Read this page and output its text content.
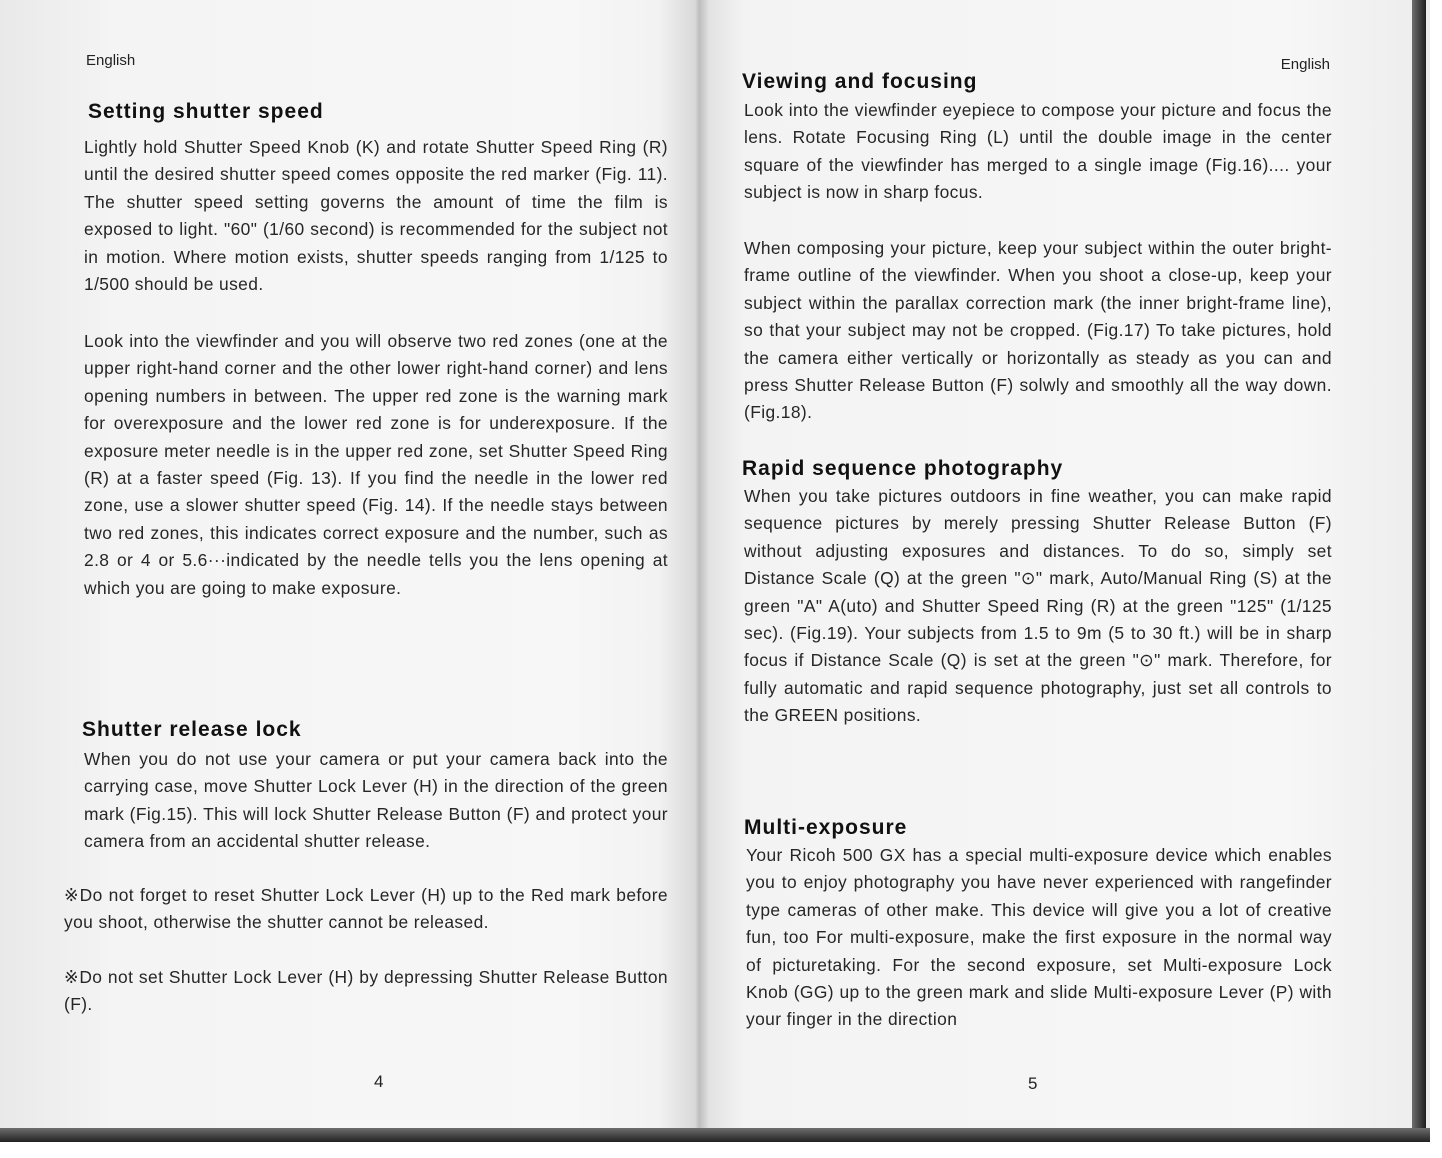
English
Setting shutter speed
Lightly hold Shutter Speed Knob (K) and rotate Shutter Speed Ring (R) until the desired shutter speed comes opposite the red marker (Fig. 11). The shutter speed setting governs the amount of time the film is exposed to light. "60" (1/60 second) is recommended for the subject not in motion. Where motion exists, shutter speeds ranging from 1/125 to 1/500 should be used.
Look into the viewfinder and you will observe two red zones (one at the upper right-hand corner and the other lower right-hand corner) and lens opening numbers in between. The upper red zone is the warning mark for overexposure and the lower red zone is for underexposure. If the exposure meter needle is in the upper red zone, set Shutter Speed Ring (R) at a faster speed (Fig. 13). If you find the needle in the lower red zone, use a slower shutter speed (Fig. 14). If the needle stays between two red zones, this indicates correct exposure and the number, such as 2.8 or 4 or 5.6···indicated by the needle tells you the lens opening at which you are going to make exposure.
Shutter release lock
When you do not use your camera or put your camera back into the carrying case, move Shutter Lock Lever (H) in the direction of the green mark (Fig.15). This will lock Shutter Release Button (F) and protect your camera from an accidental shutter release.
※Do not forget to reset Shutter Lock Lever (H) up to the Red mark before you shoot, otherwise the shutter cannot be released.
※Do not set Shutter Lock Lever (H) by depressing Shutter Release Button (F).
4
English
Viewing and focusing
Look into the viewfinder eyepiece to compose your picture and focus the lens. Rotate Focusing Ring (L) until the double image in the center square of the viewfinder has merged to a single image (Fig.16).... your subject is now in sharp focus.
When composing your picture, keep your subject within the outer bright-frame outline of the viewfinder. When you shoot a close-up, keep your subject within the parallax correction mark (the inner bright-frame line), so that your subject may not be cropped. (Fig.17) To take pictures, hold the camera either vertically or horizontally as steady as you can and press Shutter Release Button (F) solwly and smoothly all the way down. (Fig.18).
Rapid sequence photography
When you take pictures outdoors in fine weather, you can make rapid sequence pictures by merely pressing Shutter Release Button (F) without adjusting exposures and distances. To do so, simply set Distance Scale (Q) at the green "⊙" mark, Auto/Manual Ring (S) at the green "A" A(uto) and Shutter Speed Ring (R) at the green "125" (1/125 sec). (Fig.19). Your subjects from 1.5 to 9m (5 to 30 ft.) will be in sharp focus if Distance Scale (Q) is set at the green "⊙" mark. Therefore, for fully automatic and rapid sequence photography, just set all controls to the GREEN positions.
Multi-exposure
Your Ricoh 500 GX has a special multi-exposure device which enables you to enjoy photography you have never experienced with rangefinder type cameras of other make. This device will give you a lot of creative fun, too For multi-exposure, make the first exposure in the normal way of picturetaking. For the second exposure, set Multi-exposure Lock Knob (GG) up to the green mark and slide Multi-exposure Lever (P) with your finger in the direction
5
